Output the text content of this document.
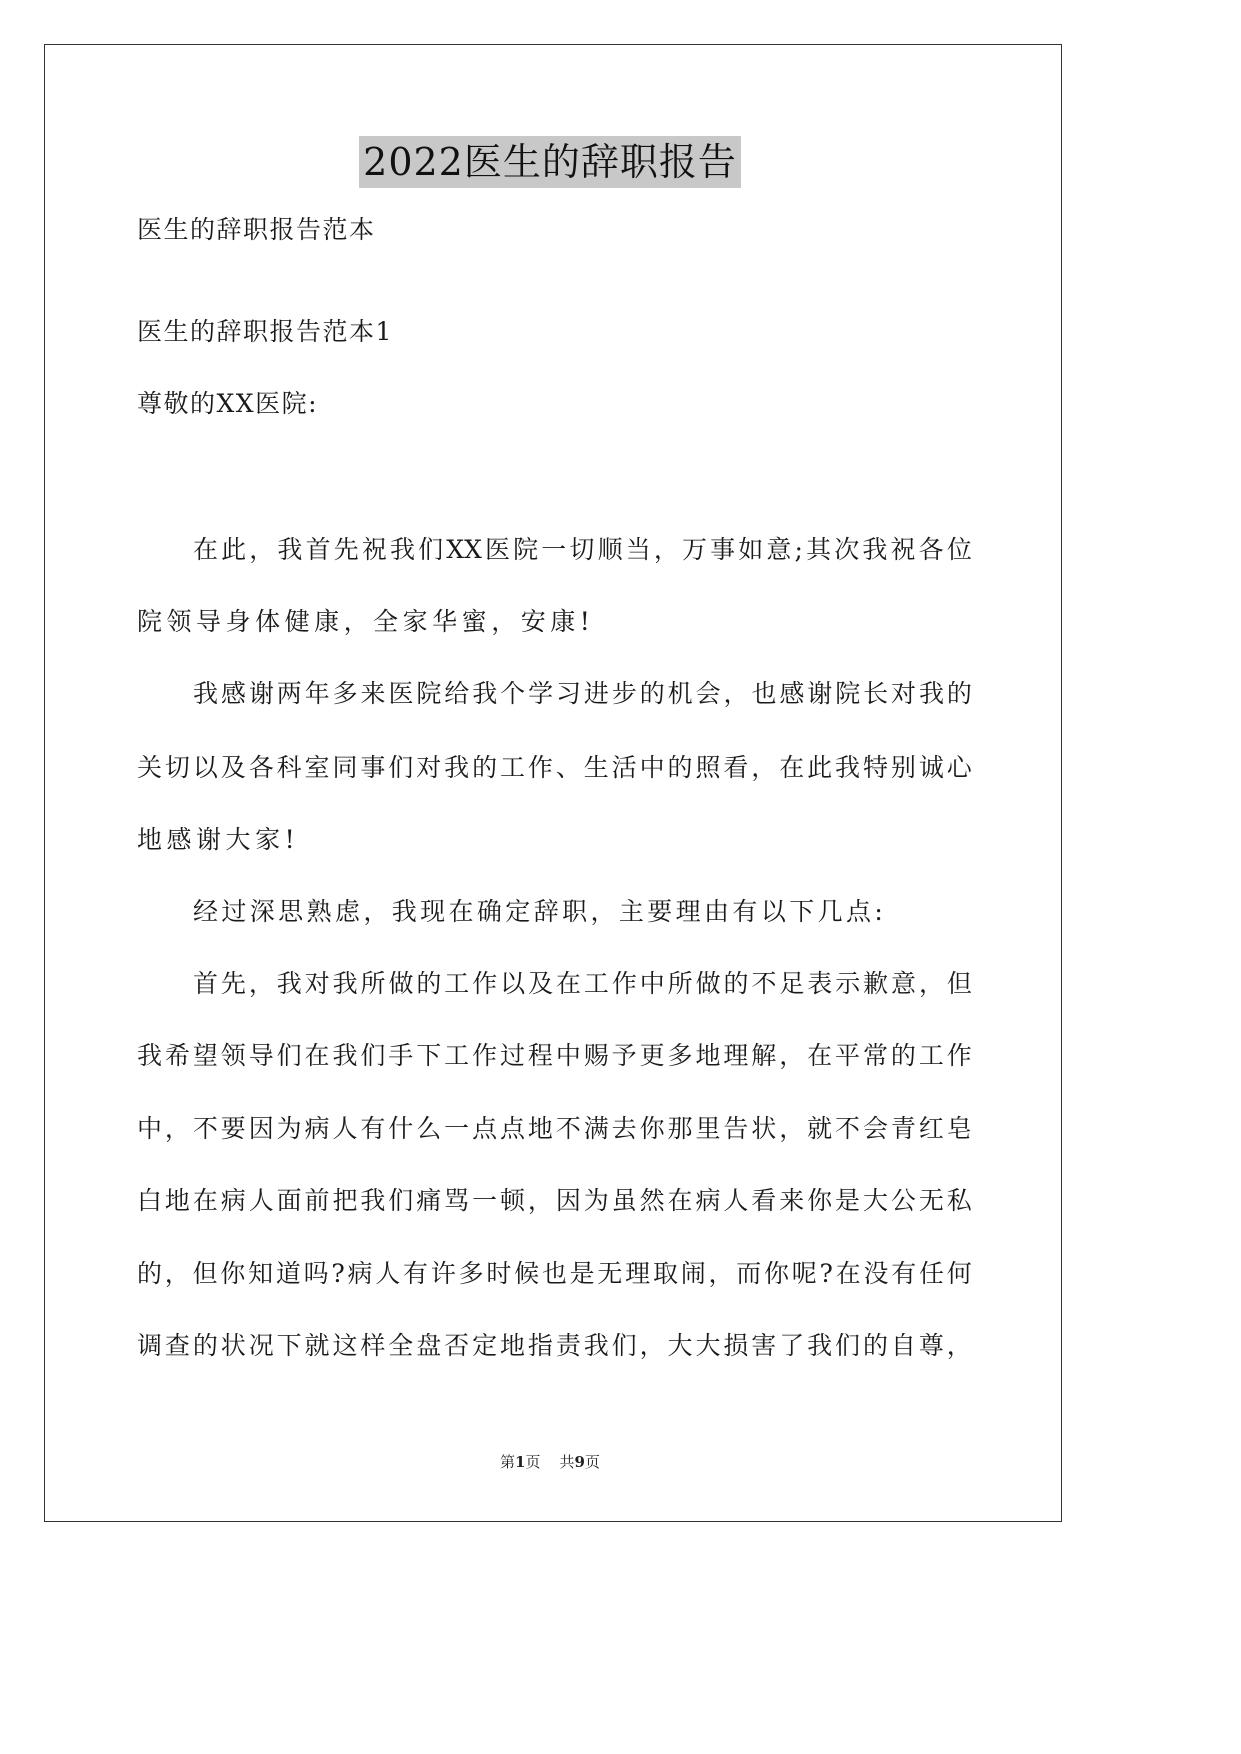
2022医生的辞职报告
医生的辞职报告范本
医生的辞职报告范本1
尊敬的XX医院:
在 此 ， 我 首 先 祝 我 们 XX 医 院 一 切 顺 当 ， 万 事 如 意 ; 其 次 我 祝 各 位
院 领 导 身 体 健 康 ， 全 家 华 蜜 ， 安 康 !
我 感 谢 两 年 多 来 医 院 给 我 个 学 习 进 步 的 机 会 ， 也 感 谢 院 长 对 我 的
关 切 以 及 各 科 室 同 事 们 对 我 的 工 作 、 生 活 中 的 照 看 ， 在 此 我 特 别 诚 心
地 感 谢 大 家 !
经 过 深 思 熟 虑 ， 我 现 在 确 定 辞 职 ， 主 要 理 由 有 以 下 几 点 :
首 先 ， 我 对 我 所 做 的 工 作 以 及 在 工 作 中 所 做 的 不 足 表 示 歉 意 ， 但
我 希 望 领 导 们 在 我 们 手 下 工 作 过 程 中 赐 予 更 多 地 理 解 ， 在 平 常 的 工 作
中 ， 不 要 因 为 病 人 有 什 么 一 点 点 地 不 满 去 你 那 里 告 状 ， 就 不 会 青 红 皂
白 地 在 病 人 面 前 把 我 们 痛 骂 一 顿 ， 因 为 虽 然 在 病 人 看 来 你 是 大 公 无 私
的 ， 但 你 知 道 吗 ? 病 人 有 许 多 时 候 也 是 无 理 取 闹 ， 而 你 呢 ? 在 没 有 任 何
调 查 的 状 况 下 就 这 样 全 盘 否 定 地 指 责 我 们 ， 大 大 损 害 了 我 们 的 自 尊 ，
第1页 共9页
